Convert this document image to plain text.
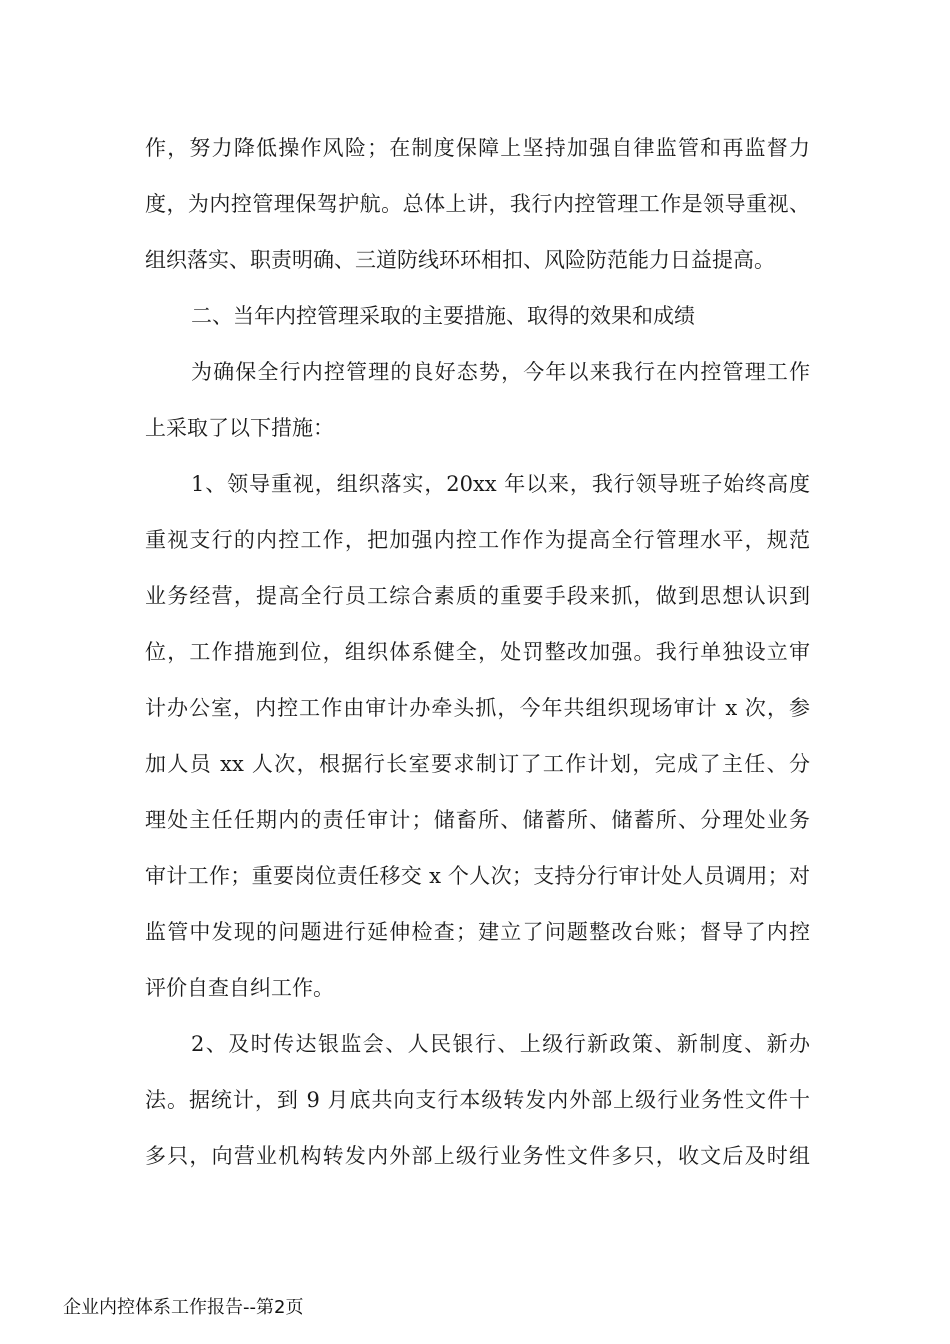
作，努力降低操作风险；在制度保障上坚持加强自律监管和再监督力
度，为内控管理保驾护航。总体上讲，我行内控管理工作是领导重视、
组织落实、职责明确、三道防线环环相扣、风险防范能力日益提高。
二、当年内控管理采取的主要措施、取得的效果和成绩
为确保全行内控管理的良好态势，今年以来我行在内控管理工作
上采取了以下措施：
1、领导重视，组织落实，20xx 年以来，我行领导班子始终高度
重视支行的内控工作，把加强内控工作作为提高全行管理水平，规范
业务经营，提高全行员工综合素质的重要手段来抓，做到思想认识到
位，工作措施到位，组织体系健全，处罚整改加强。我行单独设立审
计办公室，内控工作由审计办牵头抓，今年共组织现场审计 x 次，参
加人员 xx 人次，根据行长室要求制订了工作计划，完成了主任、分
理处主任任期内的责任审计；储畜所、储蓄所、储蓄所、分理处业务
审计工作；重要岗位责任移交 x 个人次；支持分行审计处人员调用；对
监管中发现的问题进行延伸检查；建立了问题整改台账；督导了内控
评价自查自纠工作。
2、及时传达银监会、人民银行、上级行新政策、新制度、新办
法。据统计，到 9 月底共向支行本级转发内外部上级行业务性文件十
多只，向营业机构转发内外部上级行业务性文件多只，收文后及时组
企业内控体系工作报告--第2页
